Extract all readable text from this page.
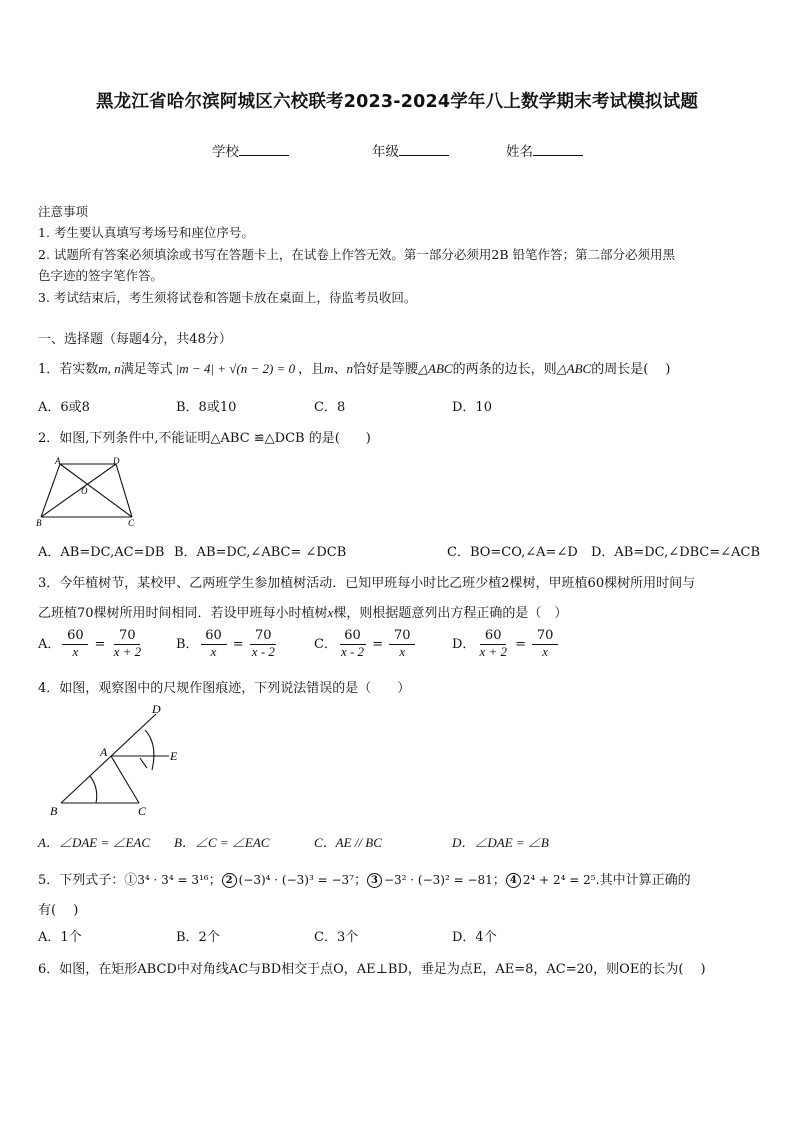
黑龙江省哈尔滨阿城区六校联考2023-2024学年八上数学期末考试模拟试题
学校	年级	姓名
注意事项
1. 考生要认真填写考场号和座位序号。
2. 试题所有答案必须填涂或书写在答题卡上，在试卷上作答无效。第一部分必须用2B 铅笔作答；第二部分必须用黑
色字迹的签字笔作答。
3. 考试结束后，考生须将试卷和答题卡放在桌面上，待监考员收回。
一、选择题（每题4分，共48分）
1．若实数m, n满足等式 |m − 4| + √(n − 2) = 0 ，且m、n恰好是等腰△ABC的两条的边长，则△ABC的周长是(　 )
A．6或8	B．8或10	C．8	D．10
2．如图,下列条件中,不能证明△ABC ≌△DCB 的是(　　)
A	D
O
B	C
A．AB=DC,AC=DB B．AB=DC,∠ABC= ∠DCB	C．BO=CO,∠A=∠D D．AB=DC,∠DBC=∠ACB
3．今年植树节，某校甲、乙两班学生参加植树活动．已知甲班每小时比乙班少植2棵树，甲班植60棵树所用时间与
乙班植70棵树所用时间相同．若设甲班每小时植树x棵，则根据题意列出方程正确的是（　）
A． $\frac{60}{x} = \frac{70}{x + 2}$	B． $\frac{60}{x} = \frac{70}{x - 2}$	C． $\frac{60}{x - 2} = \frac{70}{x}$	D． $\frac{60}{x + 2} = \frac{70}{x}$
4．如图，观察图中的尺规作图痕迹，下列说法错误的是（　　）
D
A	E
B	C
A．∠DAE = ∠EAC B．∠C = ∠EAC	C．AE // BC	D．∠DAE = ∠B
5．下列式子：①3⁴ · 3⁴ = 3¹⁶； 2 (−3)⁴ · (−3)³ = −3⁷； 3 −3² · (−3)² = −81； 4 2⁴ + 2⁴ = 2⁵.其中计算正确的
有(　 )
A．1个	B．2个	C．3个	D．4个
6．如图，在矩形ABCD中对角线AC与BD相交于点O，AE⊥BD，垂足为点E，AE=8，AC=20，则OE的长为(　 )
